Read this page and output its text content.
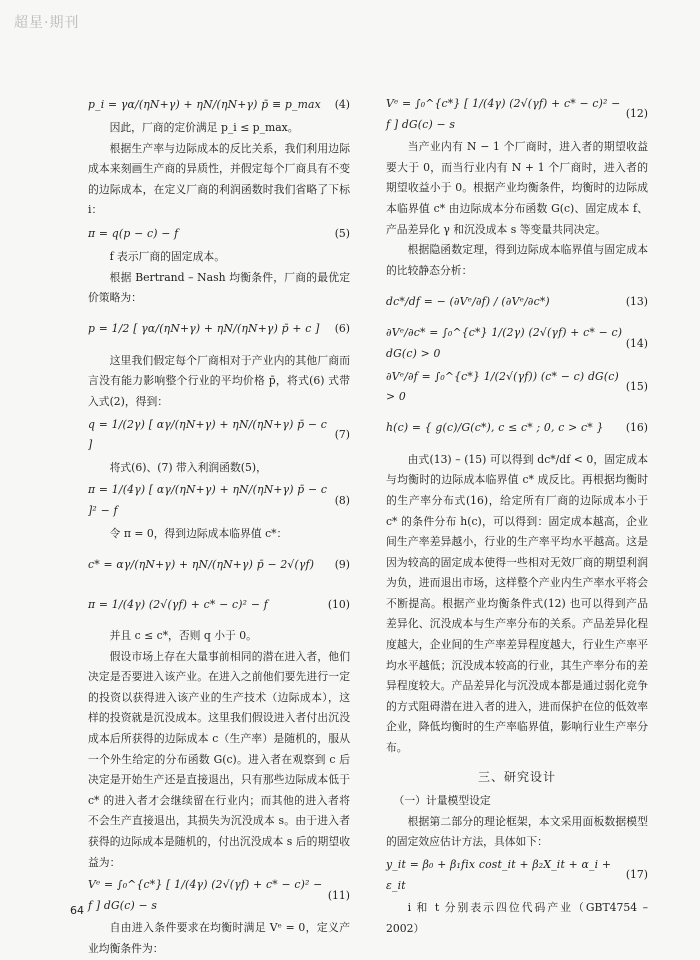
超星·期刊
p_i = γα/(ηN+γ) + ηN/(ηN+γ) p̄ ≡ p_max (4)

因此，厂商的定价满足 p_i ≤ p_max。

根据生产率与边际成本的反比关系，我们利用边际成本来刻画生产商的异质性，并假定每个厂商具有不变的边际成本，在定义厂商的利润函数时我们省略了下标 i：

π = q(p − c) − f	(5)

f 表示厂商的固定成本。

根据 Bertrand – Nash 均衡条件，厂商的最优定价策略为：

p = 1/2 [ γα/(ηN+γ) + ηN/(ηN+γ) p̄ + c ] (6)

这里我们假定每个厂商相对于产业内的其他厂商而言没有能力影响整个行业的平均价格 p̄，将式(6) 式带入式(2)，得到：

q = 1/(2γ) [ αγ/(ηN+γ) + ηN/(ηN+γ) p̄ − c ]
(7)

将式(6)、(7) 带入利润函数(5)，

π = 1/(4γ) [ αγ/(ηN+γ) + ηN/(ηN+γ) p̄ − c ]² − f
(8)

令 π = 0，得到边际成本临界值 c*：

c* = αγ/(ηN+γ) + ηN/(ηN+γ) p̄ − 2√(γf) (9)
π = 1/(4γ) (2√(γf) + c* − c)² − f	(10)

并且 c ≤ c*，否则 q 小于 0。

假设市场上存在大量事前相同的潜在进入者，他们决定是否要进入该产业。在进入之前他们要先进行一定的投资以获得进入该产业的生产技术（边际成本），这样的投资就是沉没成本。这里我们假设进入者付出沉没成本后所获得的边际成本 c（生产率）是随机的，服从一个外生给定的分布函数 G(c)。进入者在观察到 c 后决定是开始生产还是直接退出，只有那些边际成本低于 c* 的进入者才会继续留在行业内；而其他的进入者将不会生产直接退出，其损失为沉没成本 s。由于进入者获得的边际成本是随机的，付出沉没成本 s 后的期望收益为：

Vᵉ = ∫₀^{c*} [ 1/(4γ) (2√(γf) + c* − c)² − f ] dG(c) − s
(11)

自由进入条件要求在均衡时满足 Vᵉ = 0，定义产业均衡条件为：

Vᵉ = ∫₀^{c*} [ 1/(4γ) (2√(γf) + c* − c)² − f ] dG(c) − s
(12)

当产业内有 N − 1 个厂商时，进入者的期望收益要大于 0，而当行业内有 N + 1 个厂商时，进入者的期望收益小于 0。根据产业均衡条件，均衡时的边际成本临界值 c* 由边际成本分布函数 G(c)、固定成本 f、产品差异化 γ 和沉没成本 s 等变量共同决定。

根据隐函数定理，得到边际成本临界值与固定成本的比较静态分析：

dc*/df = − (∂Vᵉ/∂f) / (∂Vᵉ/∂c*)	(13)
∂Vᵉ/∂c* = ∫₀^{c*} 1/(2γ) (2√(γf) + c* − c) dG(c) > 0
(14)
∂Vᵉ/∂f = ∫₀^{c*} 1/(2√(γf)) (c* − c) dG(c) > 0
(15)
h(c) = { g(c)/G(c*), c ≤ c* ; 0, c > c* } (16)

由式(13) – (15) 可以得到 dc*/df < 0，固定成本与均衡时的边际成本临界值 c* 成反比。再根据均衡时的生产率分布式(16)，给定所有厂商的边际成本小于 c* 的条件分布 h(c)，可以得到：固定成本越高，企业间生产率差异越小，行业的生产率平均水平越高。这是因为较高的固定成本使得一些相对无效厂商的期望利润为负，进而退出市场，这样整个产业内生产率水平将会不断提高。根据产业均衡条件式(12) 也可以得到产品差异化、沉没成本与生产率分布的关系。产品差异化程度越大，企业间的生产率差异程度越大，行业生产率平均水平越低；沉没成本较高的行业，其生产率分布的差异程度较大。产品差异化与沉没成本都是通过弱化竞争的方式阻碍潜在进入者的进入，进而保护在位的低效率企业，降低均衡时的生产率临界值，影响行业生产率分布。

三、研究设计

（一）计量模型设定

根据第二部分的理论框架，本文采用面板数据模型的固定效应估计方法，具体如下：

y_it = β₀ + β₁fix cost_it + β₂X_it + α_i + ε_it
(17)

i 和 t 分别表示四位代码产业（GBT4754 – 2002）

64
